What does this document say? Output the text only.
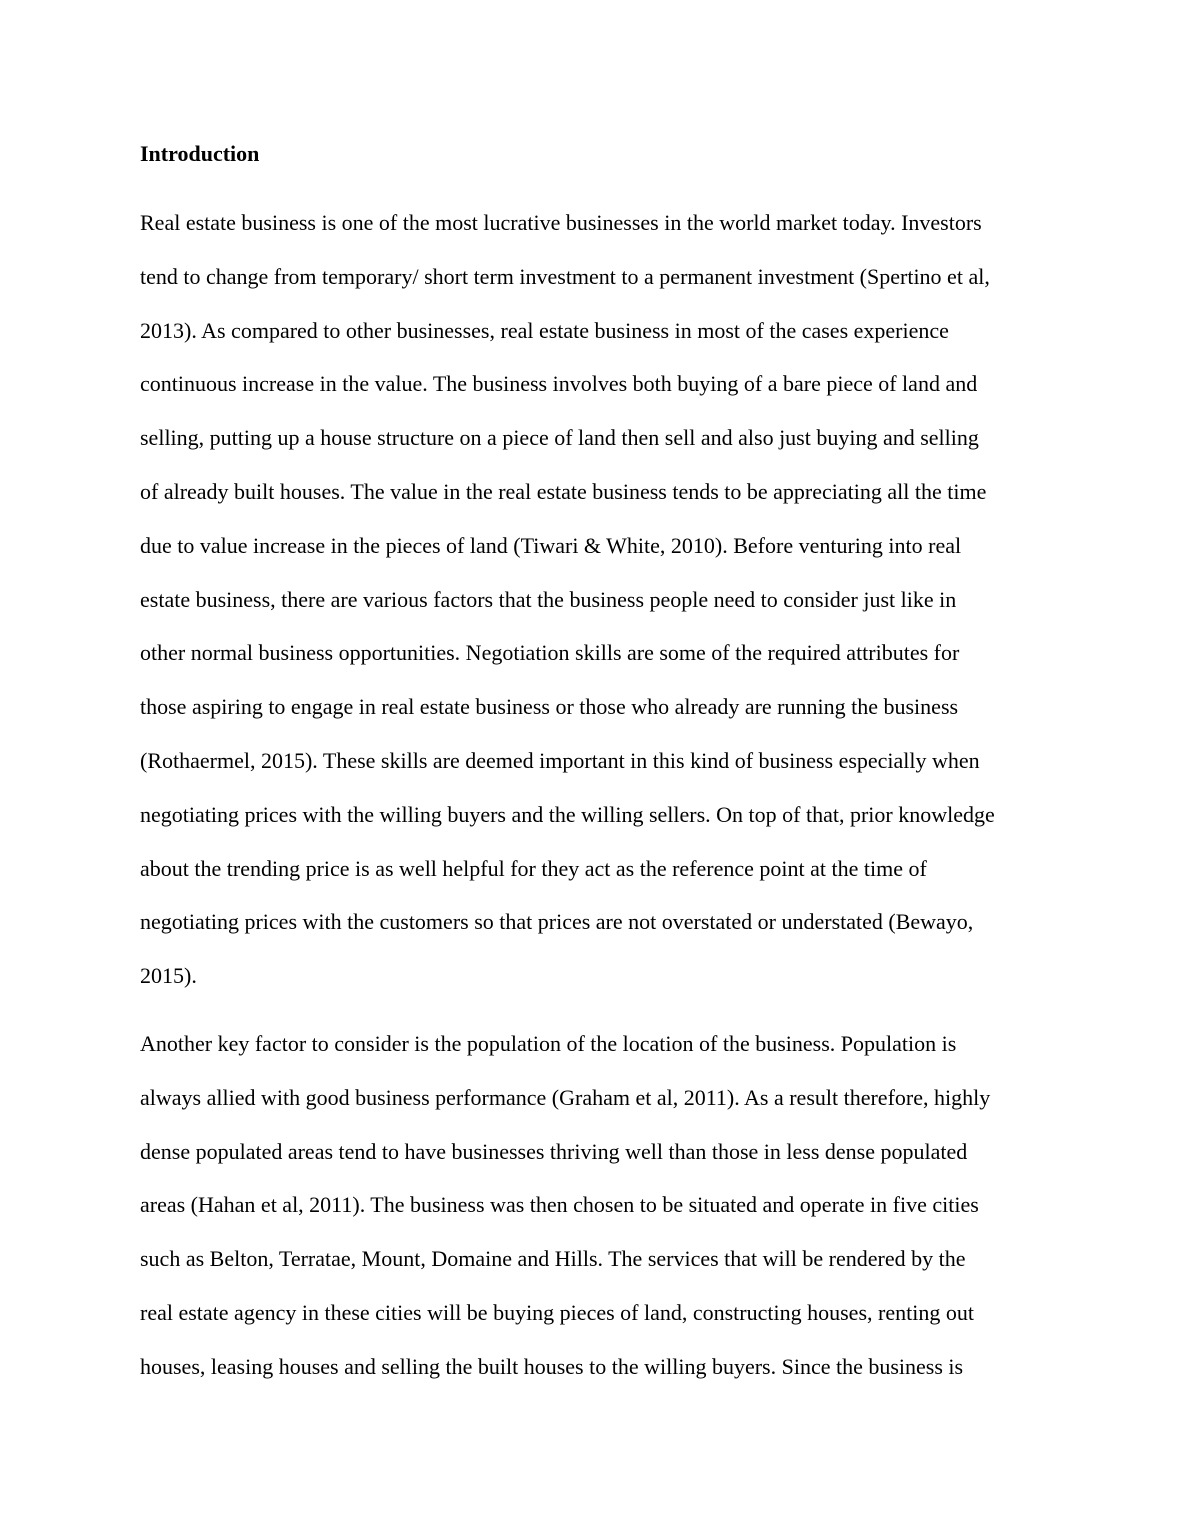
Introduction

Real estate business is one of the most lucrative businesses in the world market today. Investors
tend to change from temporary/ short term investment to a permanent investment (Spertino et al,
2013). As compared to other businesses, real estate business in most of the cases experience
continuous increase in the value. The business involves both buying of a bare piece of land and
selling, putting up a house structure on a piece of land then sell and also just buying and selling
of already built houses. The value in the real estate business tends to be appreciating all the time
due to value increase in the pieces of land (Tiwari & White, 2010). Before venturing into real
estate business, there are various factors that the business people need to consider just like in
other normal business opportunities. Negotiation skills are some of the required attributes for
those aspiring to engage in real estate business or those who already are running the business
(Rothaermel, 2015). These skills are deemed important in this kind of business especially when
negotiating prices with the willing buyers and the willing sellers. On top of that, prior knowledge
about the trending price is as well helpful for they act as the reference point at the time of
negotiating prices with the customers so that prices are not overstated or understated (Bewayo,
2015).

Another key factor to consider is the population of the location of the business. Population is
always allied with good business performance (Graham et al, 2011). As a result therefore, highly
dense populated areas tend to have businesses thriving well than those in less dense populated
areas (Hahan et al, 2011). The business was then chosen to be situated and operate in five cities
such as Belton, Terratae, Mount, Domaine and Hills. The services that will be rendered by the
real estate agency in these cities will be buying pieces of land, constructing houses, renting out
houses, leasing houses and selling the built houses to the willing buyers. Since the business is
